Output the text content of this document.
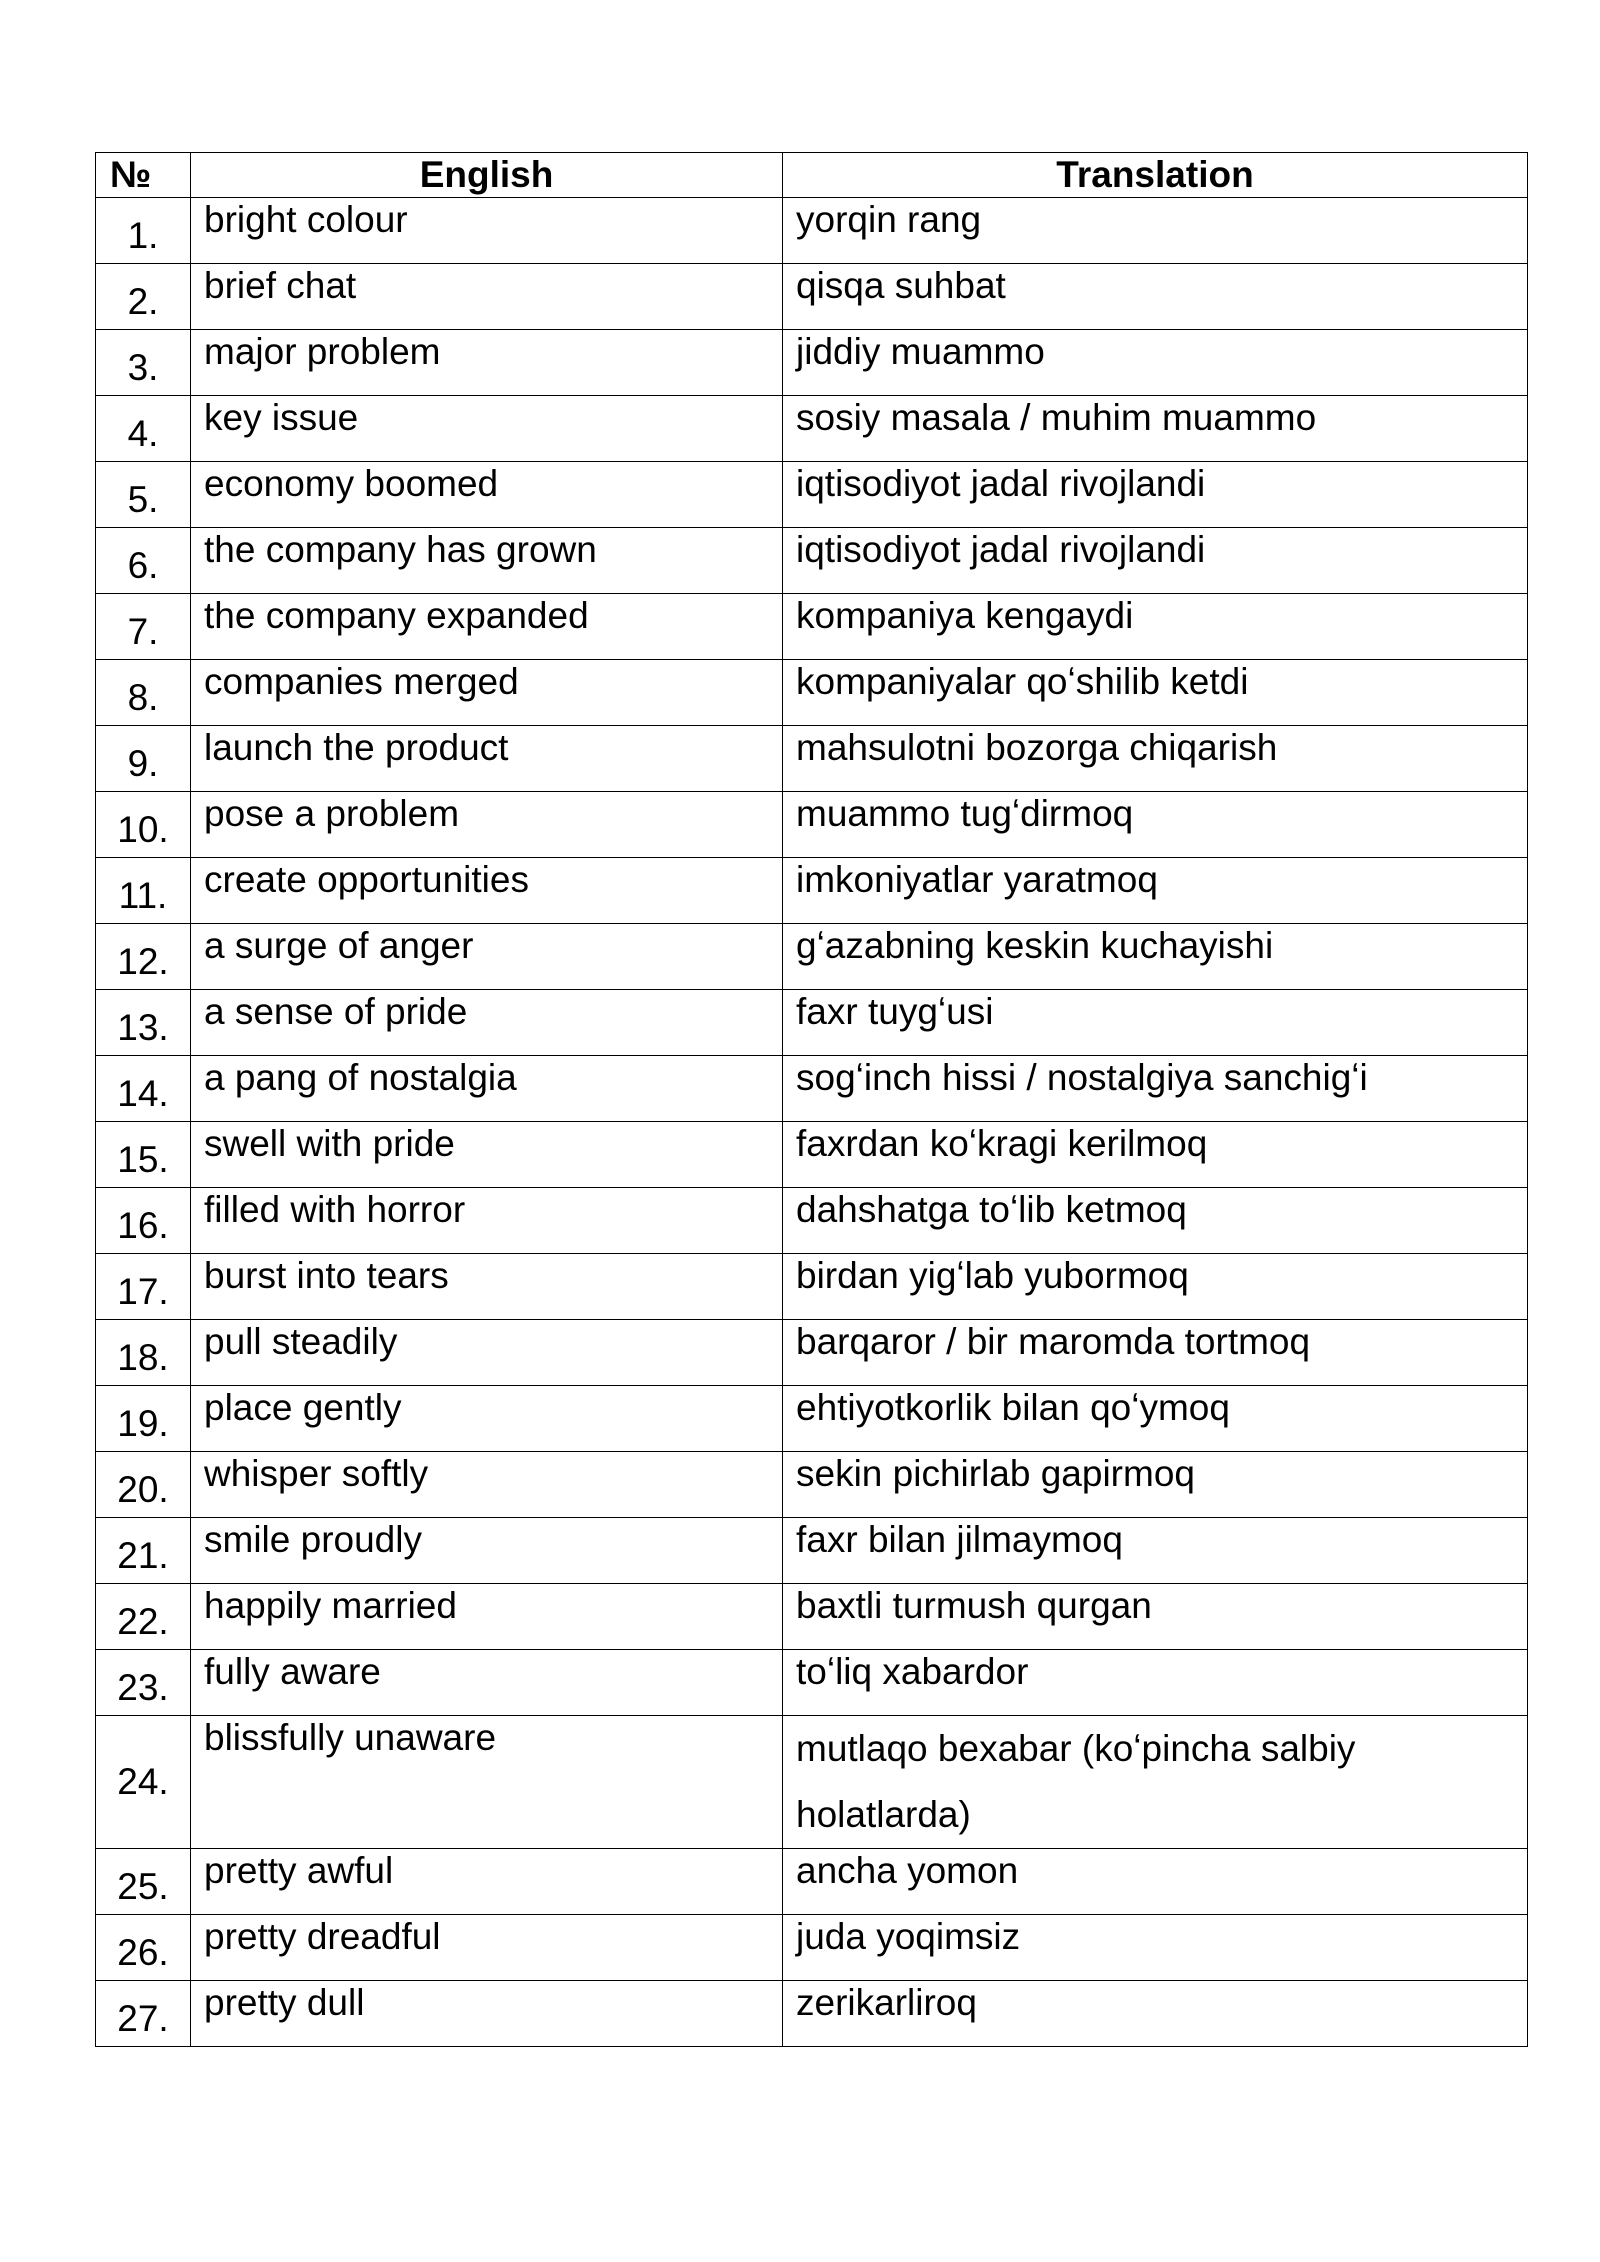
№	English	Translation
1.	bright colour	yorqin rang
2.	brief chat	qisqa suhbat
3.	major problem	jiddiy muammo
4.	key issue	sosiy masala / muhim muammo
5.	economy boomed	iqtisodiyot jadal rivojlandi
6.	the company has grown	iqtisodiyot jadal rivojlandi
7.	the company expanded	kompaniya kengaydi
8.	companies merged	kompaniyalar qoʻshilib ketdi
9.	launch the product	mahsulotni bozorga chiqarish
10.	pose a problem	muammo tugʻdirmoq
11.	create opportunities	imkoniyatlar yaratmoq
12.	a surge of anger	gʻazabning keskin kuchayishi
13.	a sense of pride	faxr tuygʻusi
14.	a pang of nostalgia	sogʻinch hissi / nostalgiya sanchigʻi
15.	swell with pride	faxrdan koʻkragi kerilmoq
16.	filled with horror	dahshatga toʻlib ketmoq
17.	burst into tears	birdan yigʻlab yubormoq
18.	pull steadily	barqaror / bir maromda tortmoq
19.	place gently	ehtiyotkorlik bilan qoʻymoq
20.	whisper softly	sekin pichirlab gapirmoq
21.	smile proudly	faxr bilan jilmaymoq
22.	happily married	baxtli turmush qurgan
23.	fully aware	toʻliq xabardor
24.	blissfully unaware	mutlaqo bexabar (koʻpincha salbiy holatlarda)
25.	pretty awful	ancha yomon
26.	pretty dreadful	juda yoqimsiz
27.	pretty dull	zerikarliroq
